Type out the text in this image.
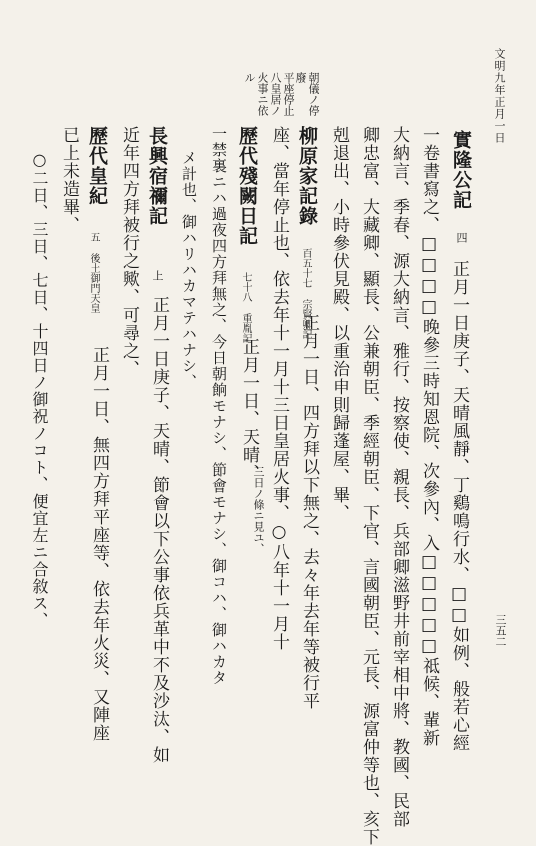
文明九年正月一日
三五二
朝儀ノ停
廢
平座停止
八皇居ノ
火事ニ依
ル
實隆公記
四
正月一日庚子、天晴風靜、丁鷄鳴行水、□□如例、般若心經
一卷書寫之、□□□□晚參三時知恩院、次參內、入□□□□□祗候、輩新
大納言、季春、源大納言、雅行、按察使、親長、兵部卿滋野井前宰相中將、教國、民部
卿忠富、大藏卿、顯長、公兼朝臣、季經朝臣、下官、言國朝臣、元長、源富仲等也、亥下
剋退出、小時參伏見殿、以重治申則歸蓬屋、畢、
柳原家記錄
百五十七 宗賢卿記
正月一日、四方拜以下無之、去々年去年等被行平
座、當年停止也、依去年十一月十三日皇居火事、○八年十一月十
三日ノ條ニ見ユ、
歷代殘闕日記
七十八 重胤記
正月一日、天晴、
一禁裏ニハ過夜四方拜無之、今日朝餉モナシ、節會モナシ、御コハ、御ハカタ
メ計也、御ハリハカマテハナシ、
長興宿禰記
上
正月一日庚子、天晴、節會以下公事依兵革中不及沙汰、如
近年四方拜被行之歟、可尋之、
歷代皇紀
五 後土御門天皇
正月一日、無四方拜平座等、依去年火災、又陣座
已上未造畢、
○二日、三日、七日、十四日ノ御祝ノコト、便宜左ニ合敘ス、
